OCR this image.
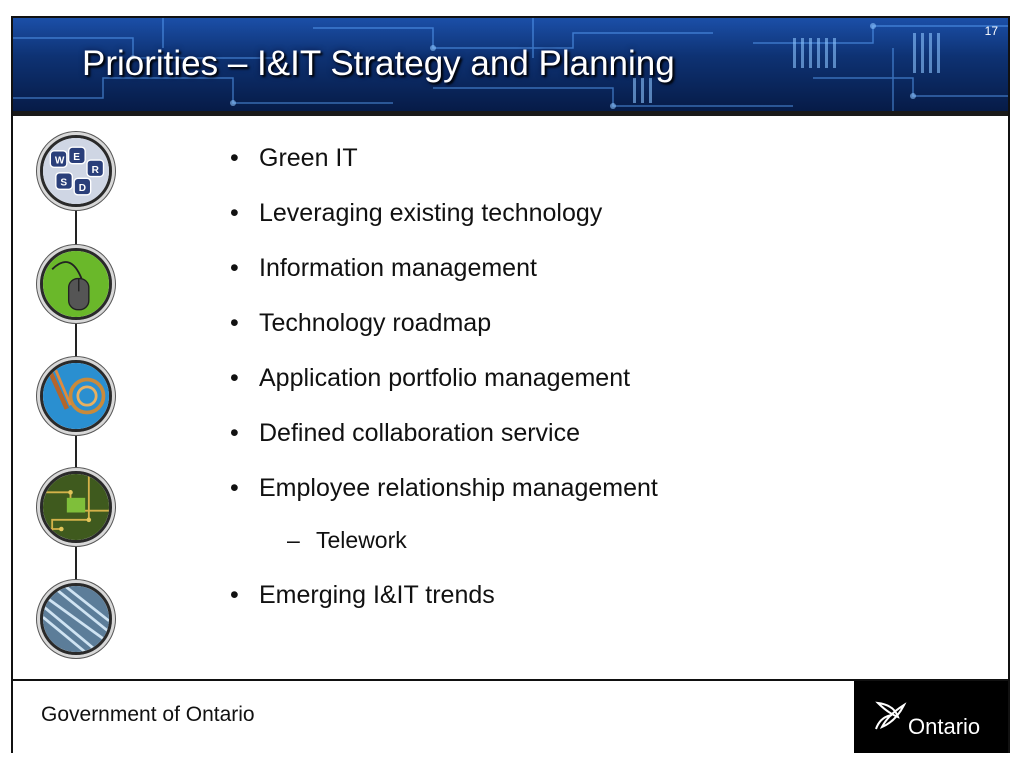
Priorities – I&IT Strategy and Planning
17
W E
R
S D
• Green IT
• Leveraging existing technology
• Information management
• Technology roadmap
• Application portfolio management
• Defined collaboration service
• Employee relationship management
– Telework
• Emerging I&IT trends
Government of Ontario	Ontario
